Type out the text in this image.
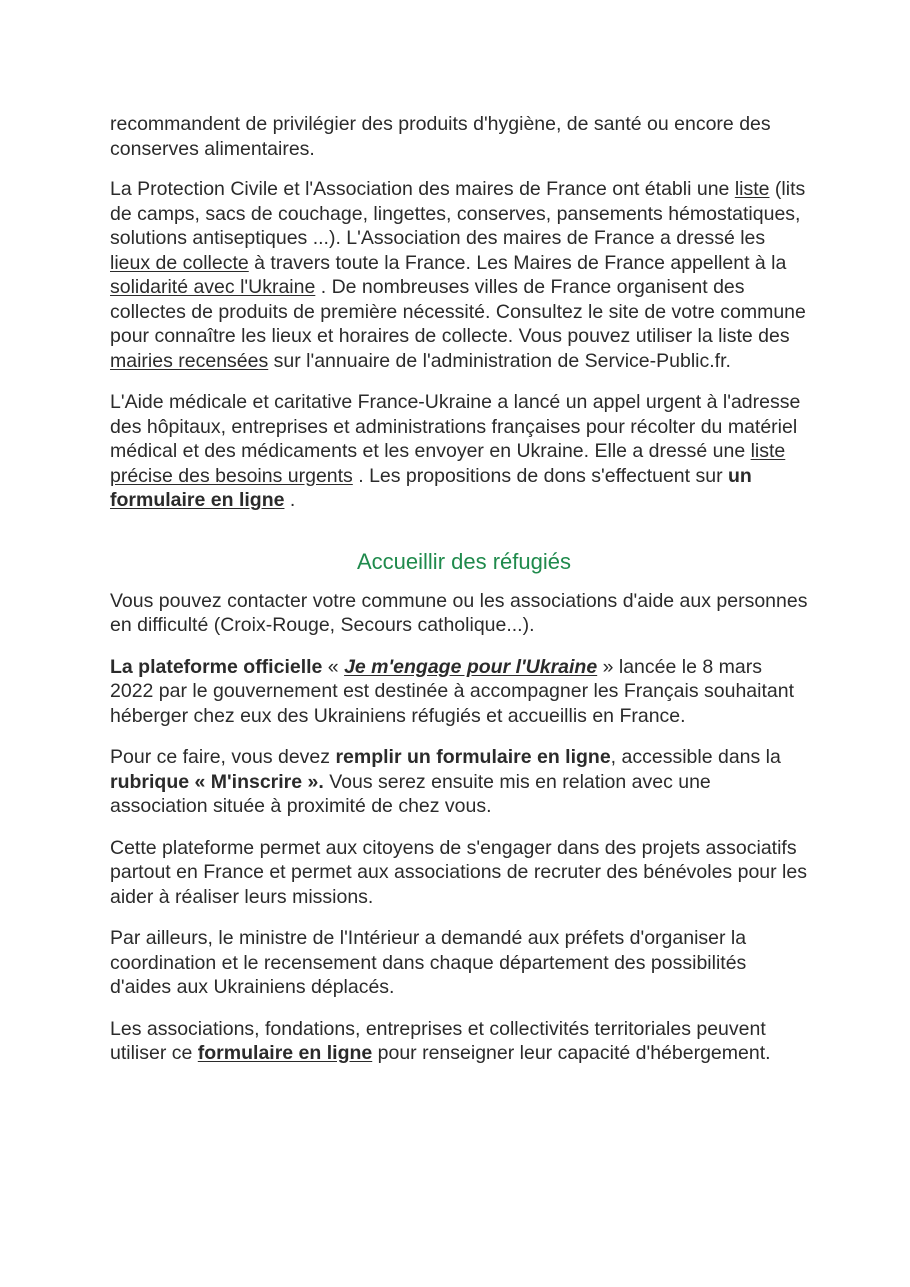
recommandent de privilégier des produits d'hygiène, de santé ou encore des conserves alimentaires.

La Protection Civile et l'Association des maires de France ont établi une liste (lits de camps, sacs de couchage, lingettes, conserves, pansements hémostatiques, solutions antiseptiques ...). L'Association des maires de France a dressé les lieux de collecte à travers toute la France. Les Maires de France appellent à la solidarité avec l'Ukraine . De nombreuses villes de France organisent des collectes de produits de première nécessité. Consultez le site de votre commune pour connaître les lieux et horaires de collecte. Vous pouvez utiliser la liste des mairies recensées sur l'annuaire de l'administration de Service-Public.fr.

L'Aide médicale et caritative France-Ukraine a lancé un appel urgent à l'adresse des hôpitaux, entreprises et administrations françaises pour récolter du matériel médical et des médicaments et les envoyer en Ukraine. Elle a dressé une liste précise des besoins urgents . Les propositions de dons s'effectuent sur un formulaire en ligne .

Accueillir des réfugiés

Vous pouvez contacter votre commune ou les associations d'aide aux personnes en difficulté (Croix-Rouge, Secours catholique...).

La plateforme officielle « Je m'engage pour l'Ukraine » lancée le 8 mars 2022 par le gouvernement est destinée à accompagner les Français souhaitant héberger chez eux des Ukrainiens réfugiés et accueillis en France.

Pour ce faire, vous devez remplir un formulaire en ligne, accessible dans la rubrique « M'inscrire ». Vous serez ensuite mis en relation avec une association située à proximité de chez vous.

Cette plateforme permet aux citoyens de s'engager dans des projets associatifs partout en France et permet aux associations de recruter des bénévoles pour les aider à réaliser leurs missions.

Par ailleurs, le ministre de l'Intérieur a demandé aux préfets d'organiser la coordination et le recensement dans chaque département des possibilités d'aides aux Ukrainiens déplacés.

Les associations, fondations, entreprises et collectivités territoriales peuvent utiliser ce formulaire en ligne pour renseigner leur capacité d'hébergement.
